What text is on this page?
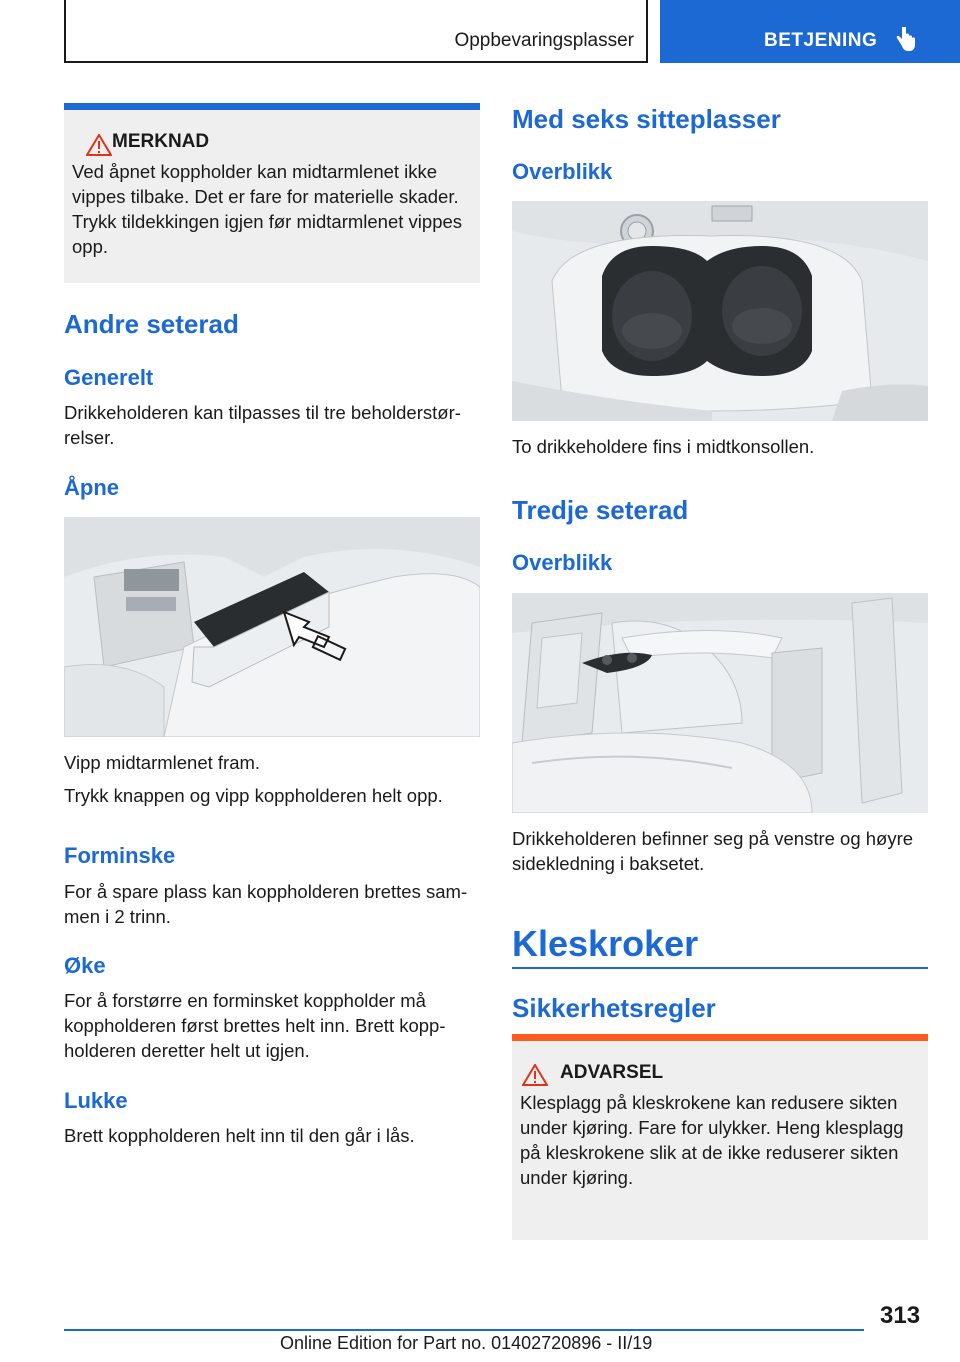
Oppbevaringsplasser	BETJENING
MERKNAD
Ved åpnet koppholder kan midtarmlenet ikke vippes tilbake. Det er fare for materielle skader. Trykk tildekkingen igjen før midtarmlenet vippes opp.
Andre seterad
Generelt
Drikkeholderen kan tilpasses til tre beholderstørrelser.
Åpne
Vipp midtarmlenet fram.
Trykk knappen og vipp koppholderen helt opp.
Forminske
For å spare plass kan koppholderen brettes sammen i 2 trinn.
Øke
For å forstørre en forminsket koppholder må koppholderen først brettes helt inn. Brett koppholderen deretter helt ut igjen.
Lukke
Brett koppholderen helt inn til den går i lås.
Med seks sitteplasser
Overblikk
To drikkeholdere fins i midtkonsollen.
Tredje seterad
Overblikk
Drikkeholderen befinner seg på venstre og høyre sidekledning i baksetet.
Kleskroker
Sikkerhetsregler
ADVARSEL
Klesplagg på kleskrokene kan redusere sikten under kjøring. Fare for ulykker. Heng klesplagg på kleskrokene slik at de ikke reduserer sikten under kjøring.
313
Online Edition for Part no. 01402720896 - II/19
